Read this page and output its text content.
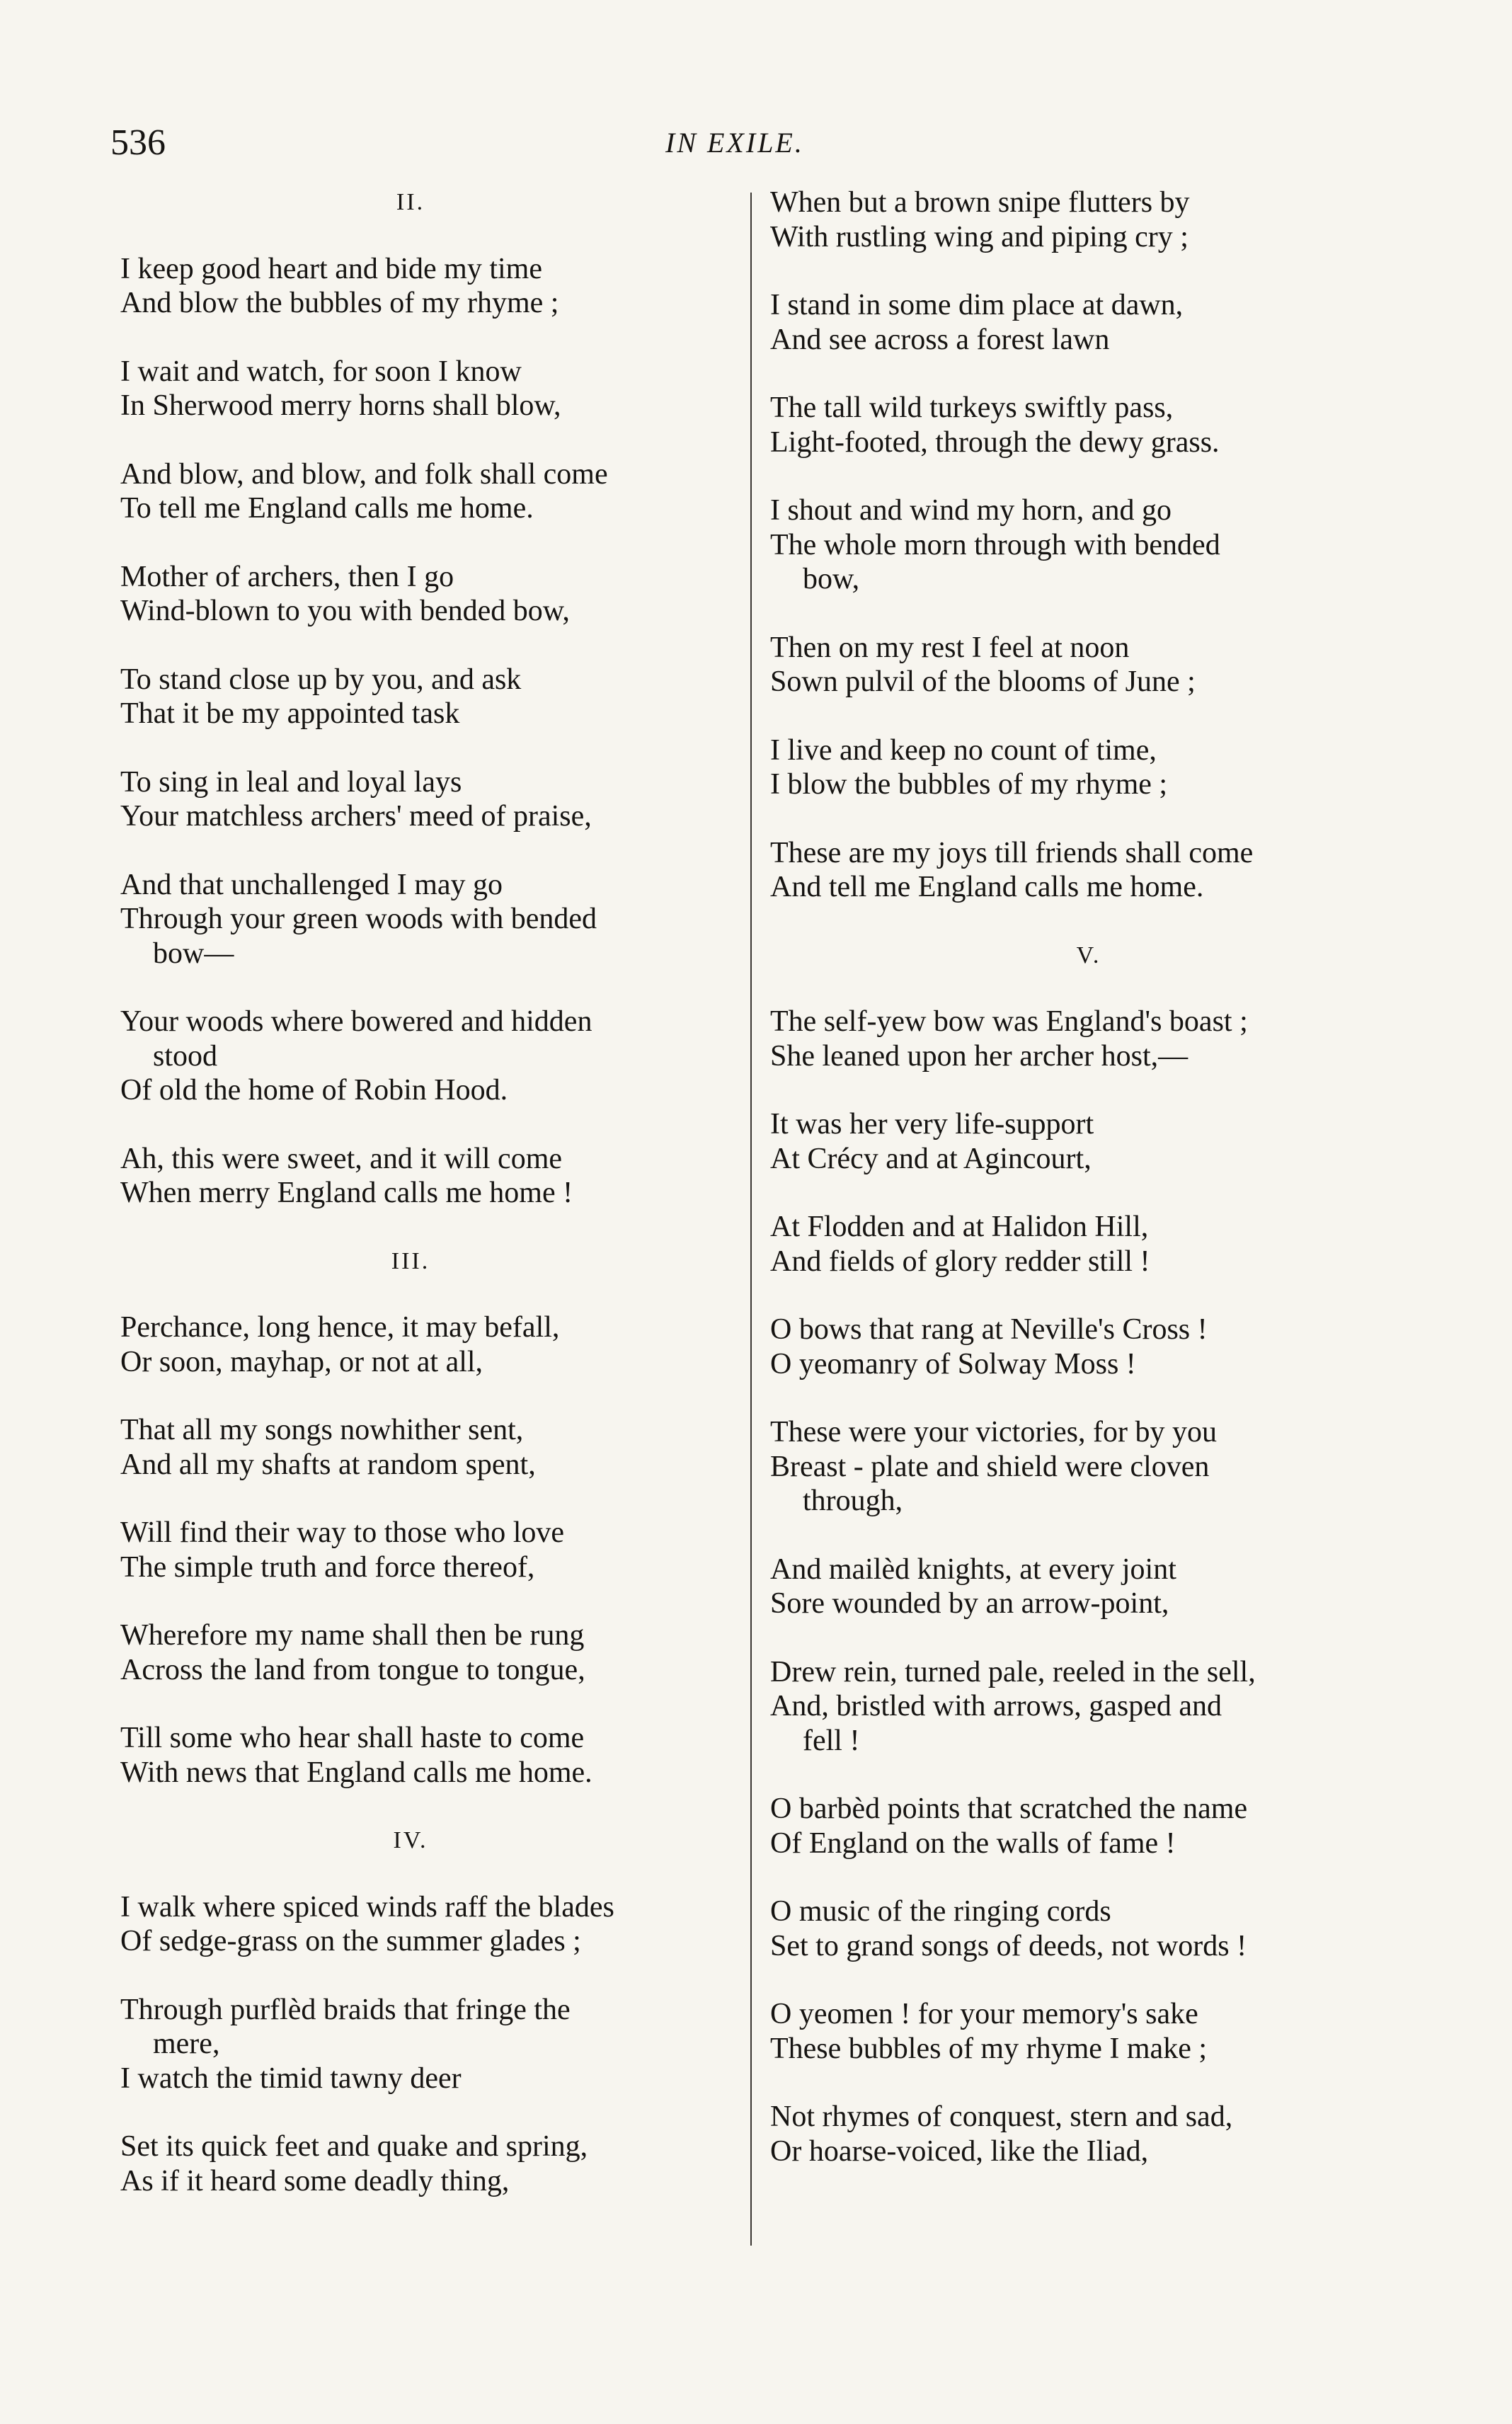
536	IN EXILE.
II.

I keep good heart and bide my time

And blow the bubbles of my rhyme ;

I wait and watch, for soon I know

In Sherwood merry horns shall blow,

And blow, and blow, and folk shall come

To tell me England calls me home.

Mother of archers, then I go

Wind-blown to you with bended bow,

To stand close up by you, and ask

That it be my appointed task

To sing in leal and loyal lays

Your matchless archers' meed of praise,

And that unchallenged I may go

Through your green woods with bended

bow—

Your woods where bowered and hidden

stood

Of old the home of Robin Hood.

Ah, this were sweet, and it will come

When merry England calls me home !

III.

Perchance, long hence, it may befall,

Or soon, mayhap, or not at all,

That all my songs nowhither sent,

And all my shafts at random spent,

Will find their way to those who love

The simple truth and force thereof,

Wherefore my name shall then be rung

Across the land from tongue to tongue,

Till some who hear shall haste to come

With news that England calls me home.

IV.

I walk where spiced winds raff the blades

Of sedge-grass on the summer glades ;

Through purflèd braids that fringe the

mere,

I watch the timid tawny deer

Set its quick feet and quake and spring,

As if it heard some deadly thing,

When but a brown snipe flutters by

With rustling wing and piping cry ;

I stand in some dim place at dawn,

And see across a forest lawn

The tall wild turkeys swiftly pass,

Light-footed, through the dewy grass.

I shout and wind my horn, and go

The whole morn through with bended

bow,

Then on my rest I feel at noon

Sown pulvil of the blooms of June ;

I live and keep no count of time,

I blow the bubbles of my rhyme ;

These are my joys till friends shall come

And tell me England calls me home.

V.

The self-yew bow was England's boast ;

She leaned upon her archer host,—

It was her very life-support

At Crécy and at Agincourt,

At Flodden and at Halidon Hill,

And fields of glory redder still !

O bows that rang at Neville's Cross !

O yeomanry of Solway Moss !

These were your victories, for by you

Breast - plate and shield were cloven

through,

And mailèd knights, at every joint

Sore wounded by an arrow-point,

Drew rein, turned pale, reeled in the sell,

And, bristled with arrows, gasped and

fell !

O barbèd points that scratched the name

Of England on the walls of fame !

O music of the ringing cords

Set to grand songs of deeds, not words !

O yeomen ! for your memory's sake

These bubbles of my rhyme I make ;

Not rhymes of conquest, stern and sad,

Or hoarse-voiced, like the Iliad,
